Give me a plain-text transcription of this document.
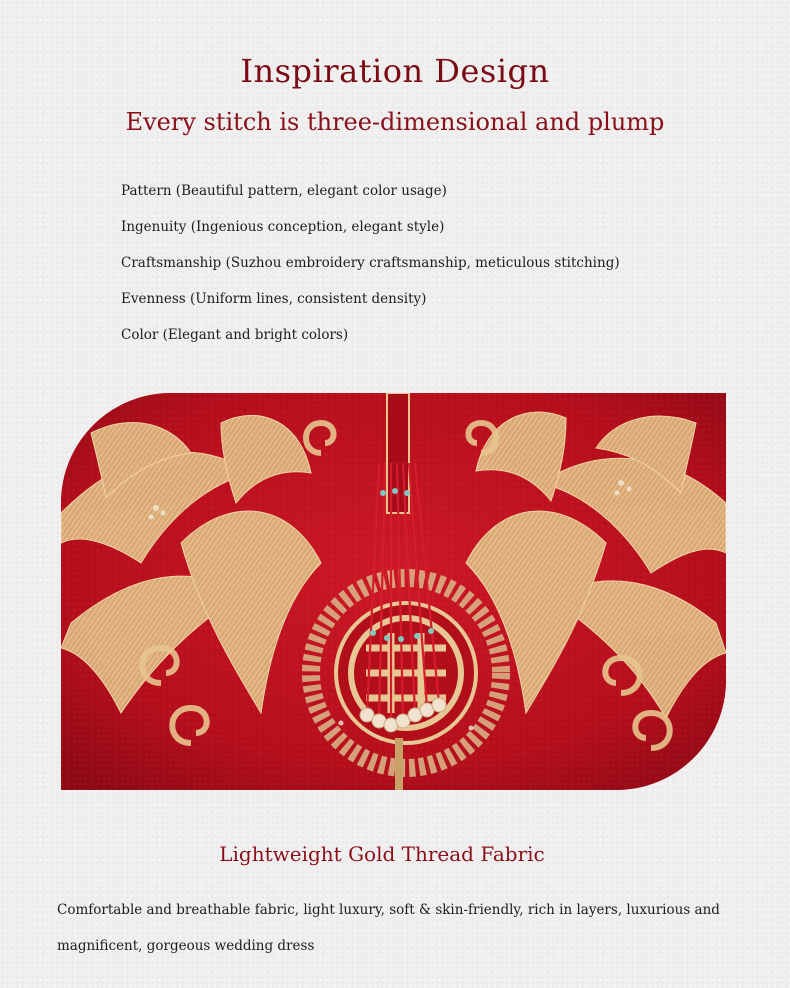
Inspiration Design
Every stitch is three-dimensional and plump
Pattern (Beautiful pattern, elegant color usage)
Ingenuity (Ingenious conception, elegant style)
Craftsmanship (Suzhou embroidery craftsmanship, meticulous stitching)
Evenness (Uniform lines, consistent density)
Color (Elegant and bright colors)
Lightweight Gold Thread Fabric

Comfortable and breathable fabric, light luxury, soft & skin-friendly, rich in layers, luxurious and magnificent, gorgeous wedding dress
